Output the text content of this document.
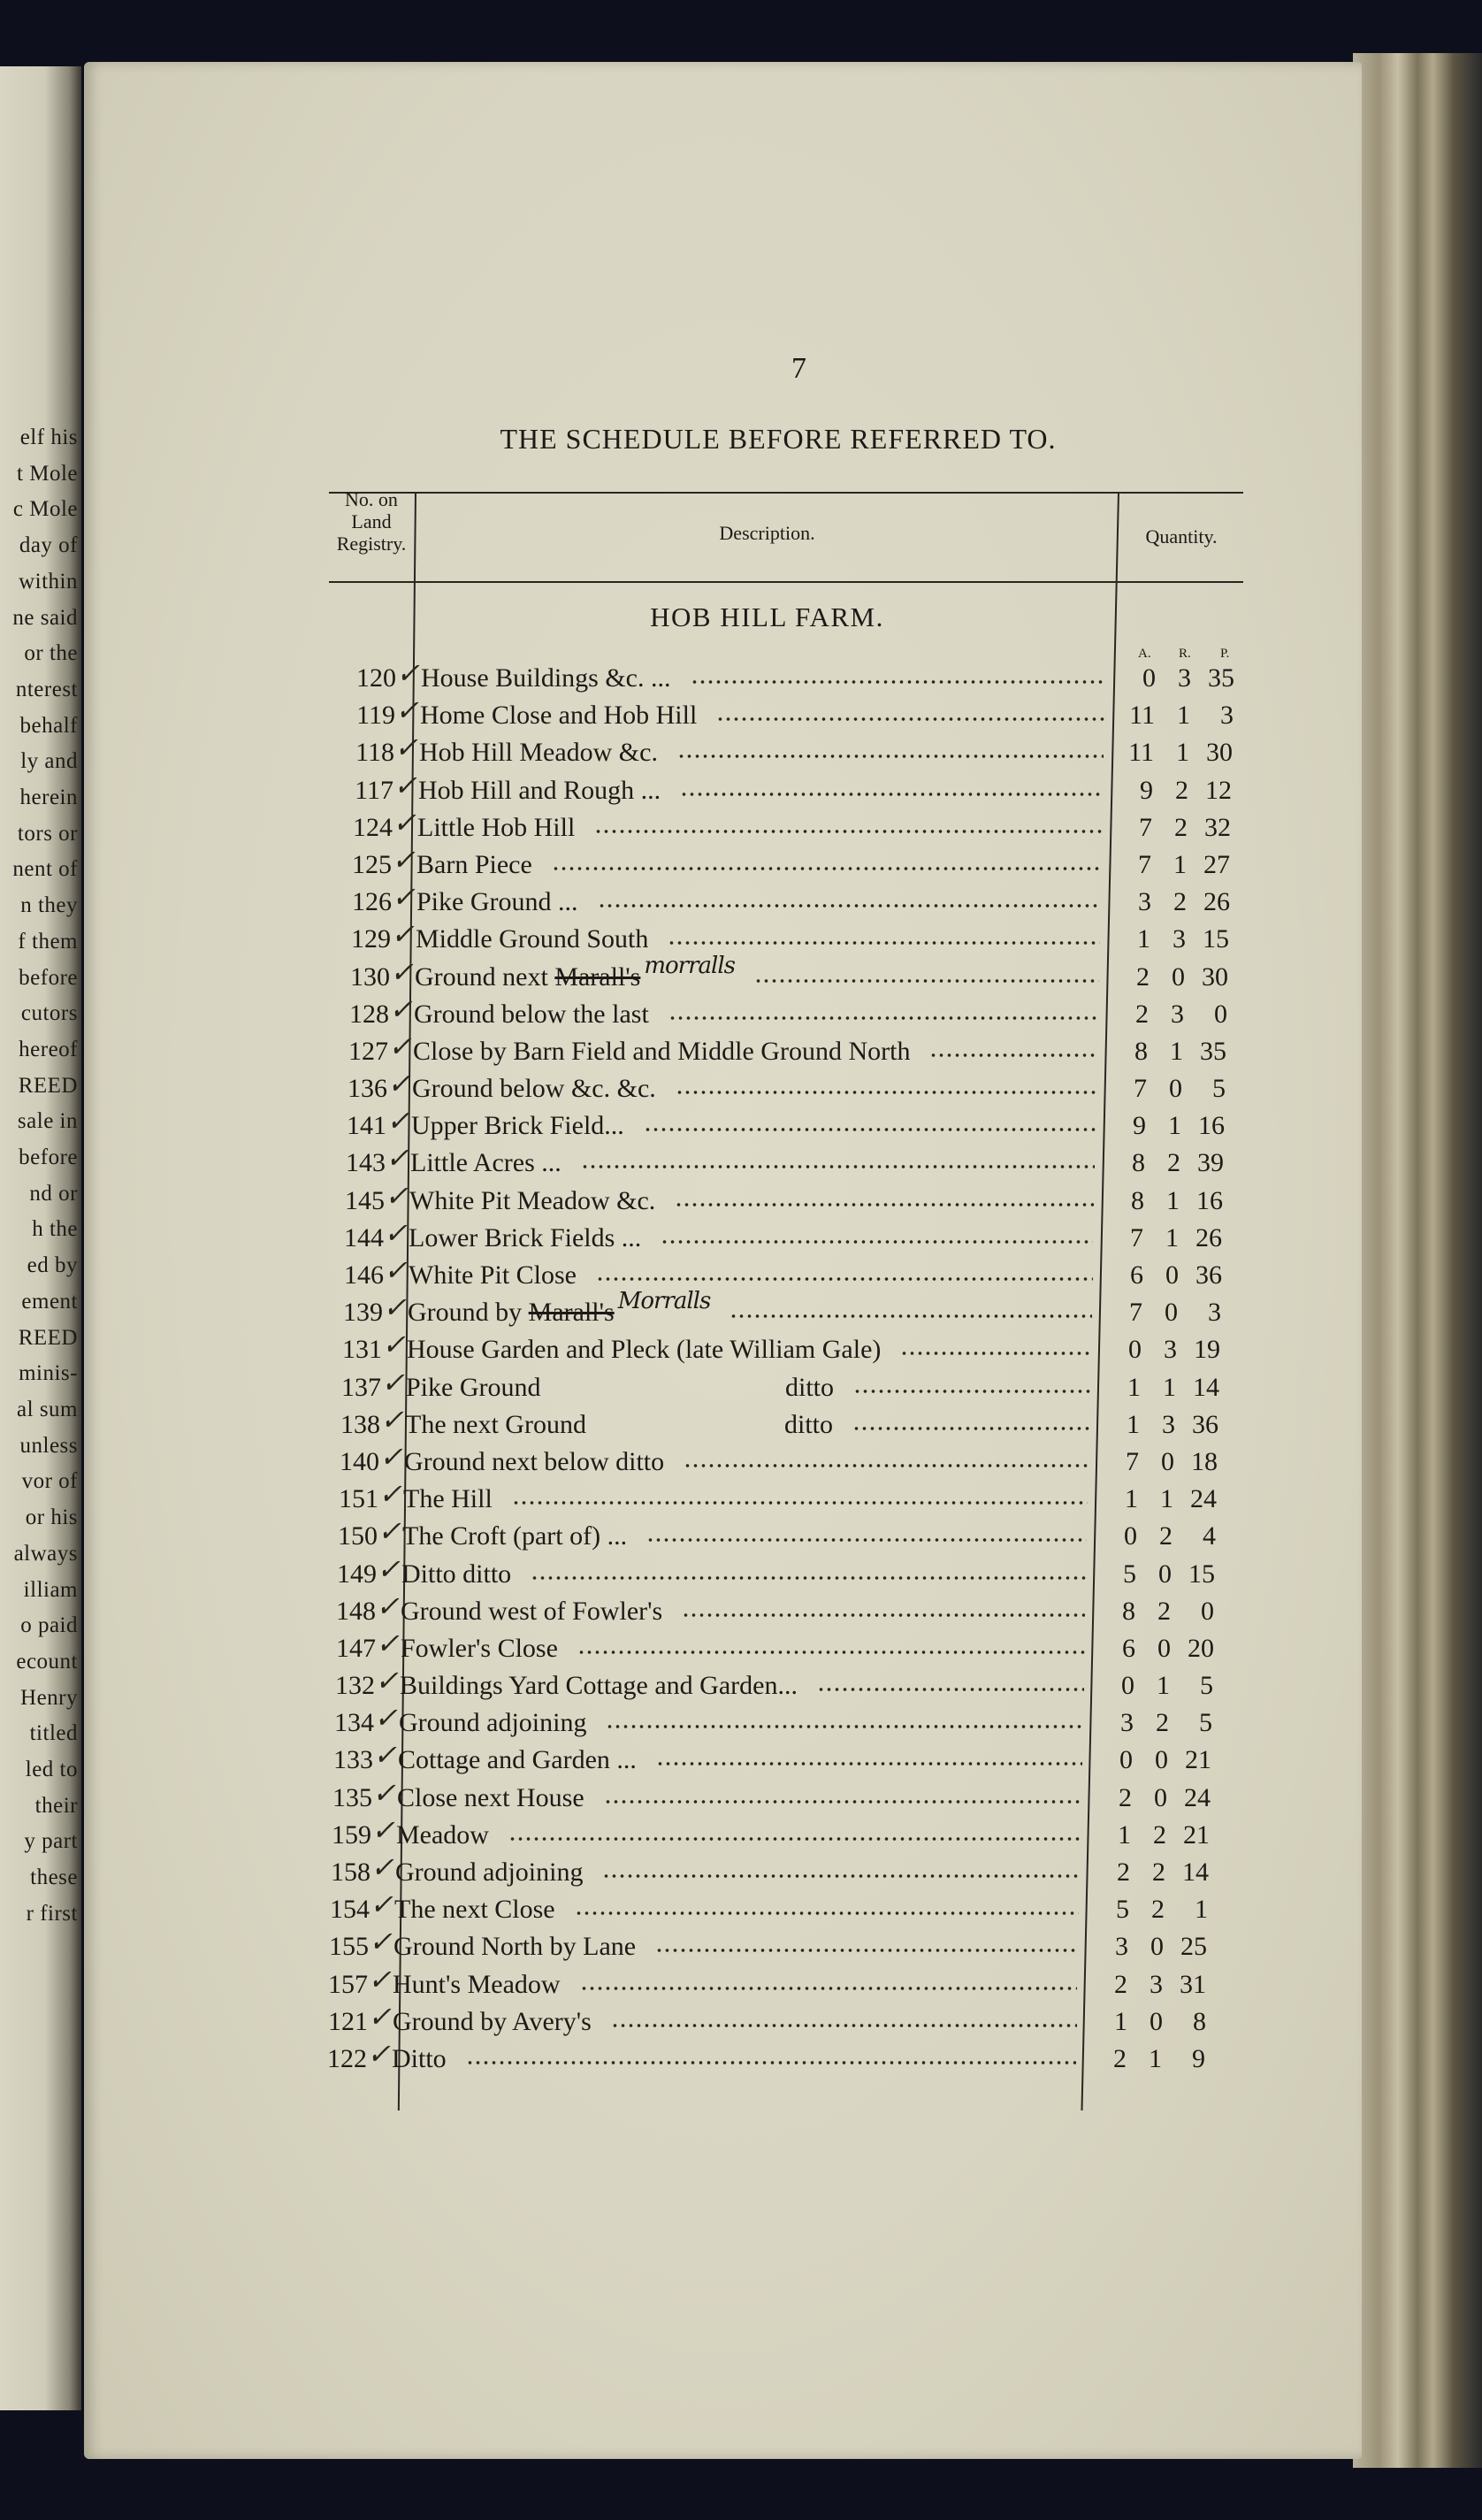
elf his
t Mole
c Mole
day of
within
ne said
or the
nterest
behalf
ly and
herein
tors or
nent of
n they
f them
before
cutors
hereof
REED
sale in
before
nd or
h the
ed by
ement
REED
minis-
al sum
unless
vor of
or his
always
illiam
o paid
ecount
Henry
titled
led to
their
y part
these
r first
7
THE SCHEDULE BEFORE REFERRED TO.
No. on Land Registry.	Description.	Quantity.
HOB HILL FARM.
A. R. P.
120 ✓ House Buildings &c. ...	0 3 35
119 ✓ Home Close and Hob Hill	11 1	3
118 ✓ Hob Hill Meadow &c.	11 1 30
117 ✓ Hob Hill and Rough ...	9 2 12
124 ✓ Little Hob Hill	7 2 32
125 ✓ Barn Piece	7 1 27
126 ✓ Pike Ground ...	3 2 26
129 ✓ Middle Ground South	1 3 15
130 ✓ Ground next Marall's morralls	2 0 30
128 ✓ Ground below the last	2 3	0
127 ✓ Close by Barn Field and Middle Ground North	8 1 35
136 ✓ Ground below &c. &c.	7 0	5
141 ✓ Upper Brick Field...	9 1 16
143 ✓ Little Acres ...	8 2 39
145 ✓ White Pit Meadow &c.	8 1 16
144 ✓ Lower Brick Fields ...	7 1 26
146 ✓ White Pit Close	6 0 36
139 ✓ Ground by Marall's Morralls	7 0	3
131 ✓ House Garden and Pleck (late William Gale)	0 3 19
137 ✓ Pike Ground	ditto	1 1 14
138 ✓ The next Ground	ditto	1 3 36
140 ✓ Ground next below ditto	7 0 18
151 ✓ The Hill	1 1 24
150 ✓ The Croft (part of) ...	0 2	4
149 ✓ Ditto ditto	5 0 15
148 ✓ Ground west of Fowler's	8 2	0
147 ✓ Fowler's Close	6 0 20
132 ✓ Buildings Yard Cottage and Garden...	0 1	5
134 ✓ Ground adjoining	3 2	5
133 ✓ Cottage and Garden ...	0 0 21
135 ✓ Close next House	2 0 24
159 ✓ Meadow	1 2 21
158 ✓ Ground adjoining	2 2 14
154 ✓ The next Close	5 2	1
155 ✓ Ground North by Lane	3 0 25
157 ✓ Hunt's Meadow	2 3 31
121 ✓ Ground by Avery's	1 0	8
122 ✓ Ditto	2 1	9
